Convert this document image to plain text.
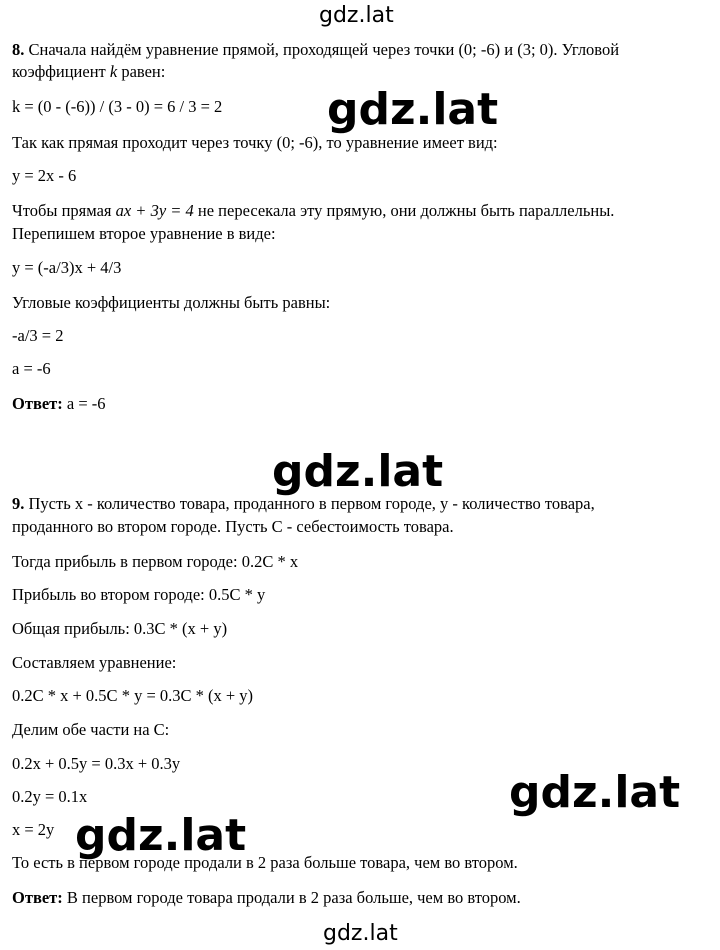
8. Сначала найдём уравнение прямой, проходящей через точки (0; -6) и (3; 0). Угловой
коэффициент k равен:
k = (0 - (-6)) / (3 - 0) = 6 / 3 = 2
Так как прямая проходит через точку (0; -6), то уравнение имеет вид:
y = 2x - 6
Чтобы прямая ax + 3y = 4 не пересекала эту прямую, они должны быть параллельны.
Перепишем второе уравнение в виде:
y = (-a/3)x + 4/3
Угловые коэффициенты должны быть равны:
-a/3 = 2
a = -6
Ответ: a = -6
9. Пусть x - количество товара, проданного в первом городе, y - количество товара,
проданного во втором городе. Пусть C - себестоимость товара.
Тогда прибыль в первом городе: 0.2C * x
Прибыль во втором городе: 0.5C * y
Общая прибыль: 0.3C * (x + y)
Составляем уравнение:
0.2C * x + 0.5C * y = 0.3C * (x + y)
Делим обе части на C:
0.2x + 0.5y = 0.3x + 0.3y
0.2y = 0.1x
x = 2y
То есть в первом городе продали в 2 раза больше товара, чем во втором.
Ответ: В первом городе товара продали в 2 раза больше, чем во втором.
gdz.lat
gdz.lat
gdz.lat
gdz.lat
gdz.lat
gdz.lat
